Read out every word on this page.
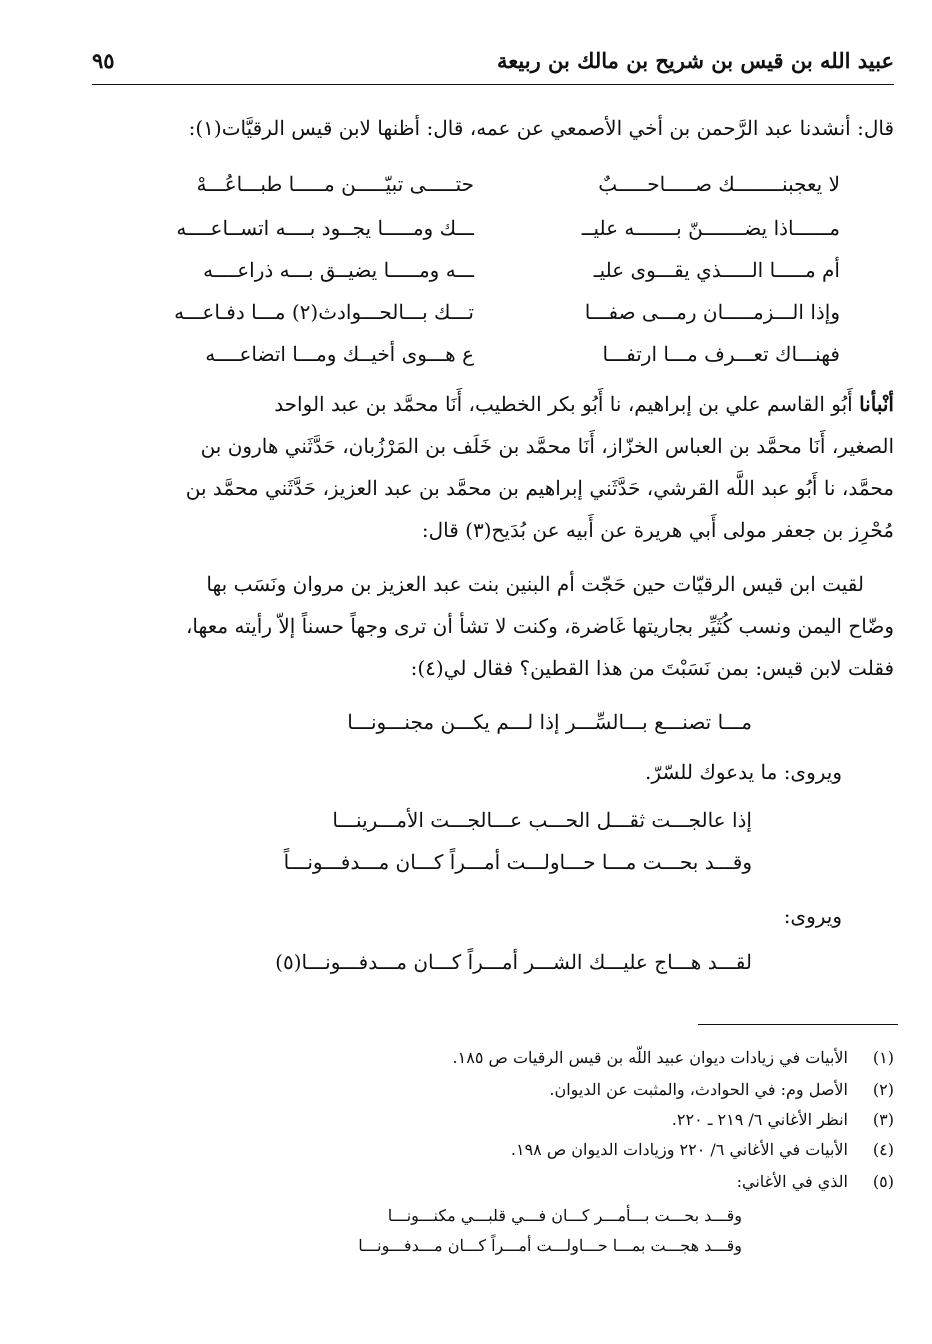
عبيد الله بن قيس بن شريح بن مالك بن ربيعة
٩٥
قال: أنشدنا عبد الرَّحمن بن أخي الأصمعي عن عمه، قال: أظنها لابن قيس الرقيَّات(١):
لا يعجبنــــــــك صـــــاحـــــبٌ
حتـــــى تبيّـــــن مـــــا طبـــاعُـــهْ
مــــــاذا يضـــــــنّ بـــــــه عليــ
ـــك ومـــــا يجــود بــــه اتســاعــــه
أم مـــــا الـــــذي يقـــوى عليـ
ـــه ومـــــا يضيــق بـــه ذراعــــه
وإذا الـــزمـــــان رمـــى صفـــا
تـــك بـــالحـــوادث(٢) مـــا دفـاعـــه
فهنـــاك تعـــرف مـــا ارتفـــا
ع هـــوى أخيــك ومـــا اتضاعــــه
أنْبأنا أَبُو القاسم علي بن إبراهيم، نا أَبُو بكر الخطيب، أَنَا محمَّد بن عبد الواحد
الصغير، أَنَا محمَّد بن العباس الخزّاز، أَنَا محمَّد بن خَلَف بن المَرْزُبان، حَدَّثَني هارون بن
محمَّد، نا أَبُو عبد اللَّه القرشي، حَدَّثَني إبراهيم بن محمَّد بن عبد العزيز، حَدَّثَني محمَّد بن
مُحْرِز بن جعفر مولى أَبي هريرة عن أَبيه عن بُدَيح(٣) قال:
لقيت ابن قيس الرقيّات حين حَجّت أم البنين بنت عبد العزيز بن مروان ونَسَب بها
وضّاح اليمن ونسب كُثَيِّر بجاريتها غَاضرة، وكنت لا تشأ أن ترى وجهاً حسناً إلاّ رأيته معها،
فقلت لابن قيس: بمن نَسَبْتَ من هذا القطين؟ فقال لي(٤):
مـــا تصنـــع بـــالسِّـــر إذا لـــم يكـــن مجنـــونـــا
ويروى: ما يدعوك للسّرّ.
إذا عالجـــت ثقـــل الحـــب عـــالجـــت الأمـــرينـــا
وقـــد بحـــت مـــا حـــاولـــت أمـــراً كـــان مـــدفـــونـــاً
ويروى:
لقـــد هـــاج عليـــك الشـــر أمـــراً كـــان مـــدفـــونـــا(٥)
(١)الأبيات في زيادات ديوان عبيد اللّه بن قيس الرقيات ص ١٨٥.
(٢)الأصل وم: في الحوادث، والمثبت عن الديوان.
(٣)انظر الأغاني ٦/ ٢١٩ ـ ٢٢٠.
(٤)الأبيات في الأغاني ٦/ ٢٢٠ وزيادات الديوان ص ١٩٨.
(٥)الذي في الأغاني:
وقـــد بحـــت بـــأمـــر كـــان فـــي قلبـــي مكنـــونـــا
وقـــد هجـــت بمـــا حـــاولـــت أمـــراً كـــان مـــدفـــونـــا
